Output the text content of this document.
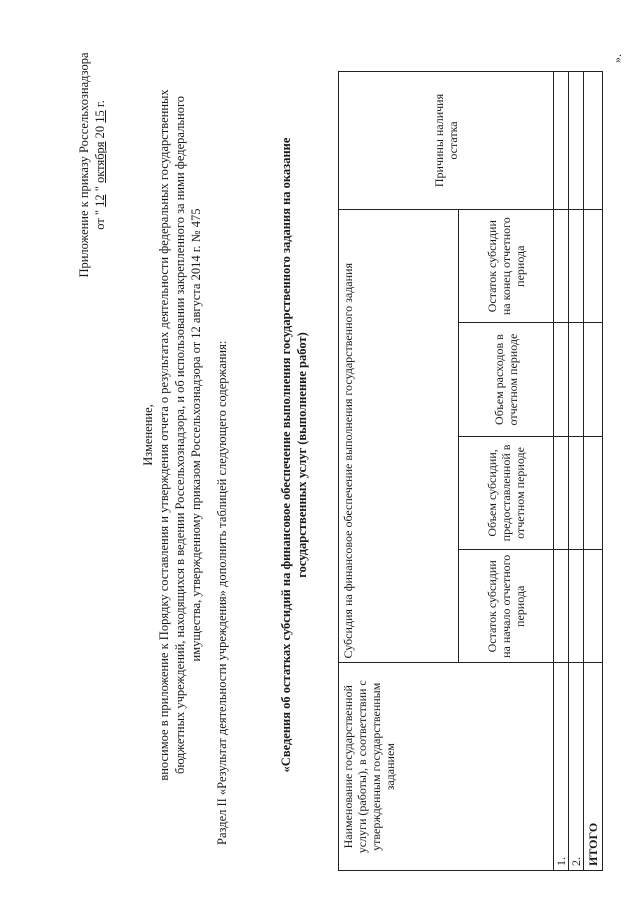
Приложение к приказу Россельхознадзора от " 12 " октября 20 15 г.
Изменение, вносимое в приложение к Порядку составления и утверждения отчета о результатах деятельности федеральных государственных бюджетных учреждений, находящихся в ведении Россельхознадзора, и об использовании закрепленного за ними федерального имущества, утвержденному приказом Россельхознадзора от 12 августа 2014 г. № 475 Раздел II «Результат деятельности учреждения» дополнить таблицей следующего содержания:	«Сведения об остатках субсидий на финансовое обеспечение выполнения государственного задания на оказание государственных услуг (выполнение работ)
Наименование государственной услуги (работы), в соответствии с утвержденным государственным заданием	Субсидия на финансовое обеспечение выполнения государственного задания				Причины наличия остатка
	Остаток субсидии на начало отчетного периода	Объем субсидии, предоставленной в отчетном периоде	Объем расходов в отчетном периоде	Остаток субсидии на конец отчетного периода	
1.					
2.					
ИТОГО					
».
